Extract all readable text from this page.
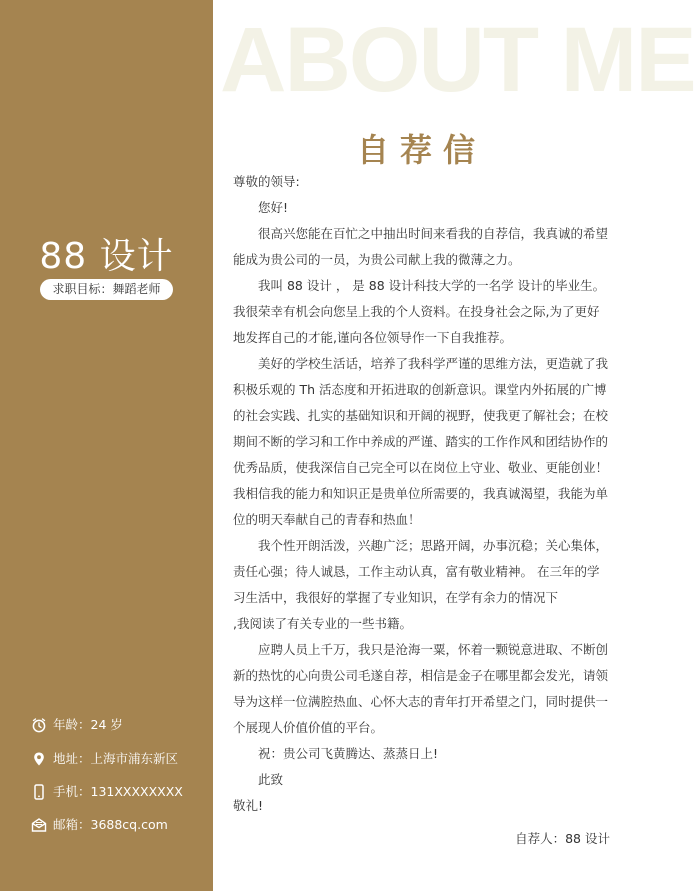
88 设计
求职目标：舞蹈老师
年龄：24 岁
地址：上海市浦东新区
手机：131XXXXXXXX
邮箱：3688cq.com
ABOUT ME
自荐信

尊敬的领导:

您好!

很高兴您能在百忙之中抽出时间来看我的自荐信，我真诚的希望能成为贵公司的一员，为贵公司献上我的微薄之力。

我叫 88 设计 ， 是 88 设计科技大学的一名学 设计的毕业生。我很荣幸有机会向您呈上我的个人资料。在投身社会之际,为了更好地发挥自己的才能,谨向各位领导作一下自我推荐。

美好的学校生活话，培养了我科学严谨的思维方法，更造就了我积极乐观的 Th 活态度和开拓进取的创新意识。课堂内外拓展的广博的社会实践、扎实的基础知识和开阔的视野，使我更了解社会；在校期间不断的学习和工作中养成的严谨、踏实的工作作风和团结协作的优秀品质，使我深信自己完全可以在岗位上守业、敬业、更能创业！我相信我的能力和知识正是贵单位所需要的，我真诚渴望，我能为单位的明天奉献自己的青春和热血！

我个性开朗活泼，兴趣广泛；思路开阔，办事沉稳；关心集体，责任心强；待人诚恳，工作主动认真，富有敬业精神。 在三年的学习生活中，我很好的掌握了专业知识，在学有余力的情况下

,我阅读了有关专业的一些书籍。

应聘人员上千万，我只是沧海一粟，怀着一颗锐意进取、不断创新的热忱的心向贵公司毛遂自荐，相信是金子在哪里都会发光，请领导为这样一位满腔热血、心怀大志的青年打开希望之门，同时提供一个展现人价值价值的平台。

祝：贵公司飞黄腾达、蒸蒸日上!

此致

敬礼!

自荐人：88 设计
